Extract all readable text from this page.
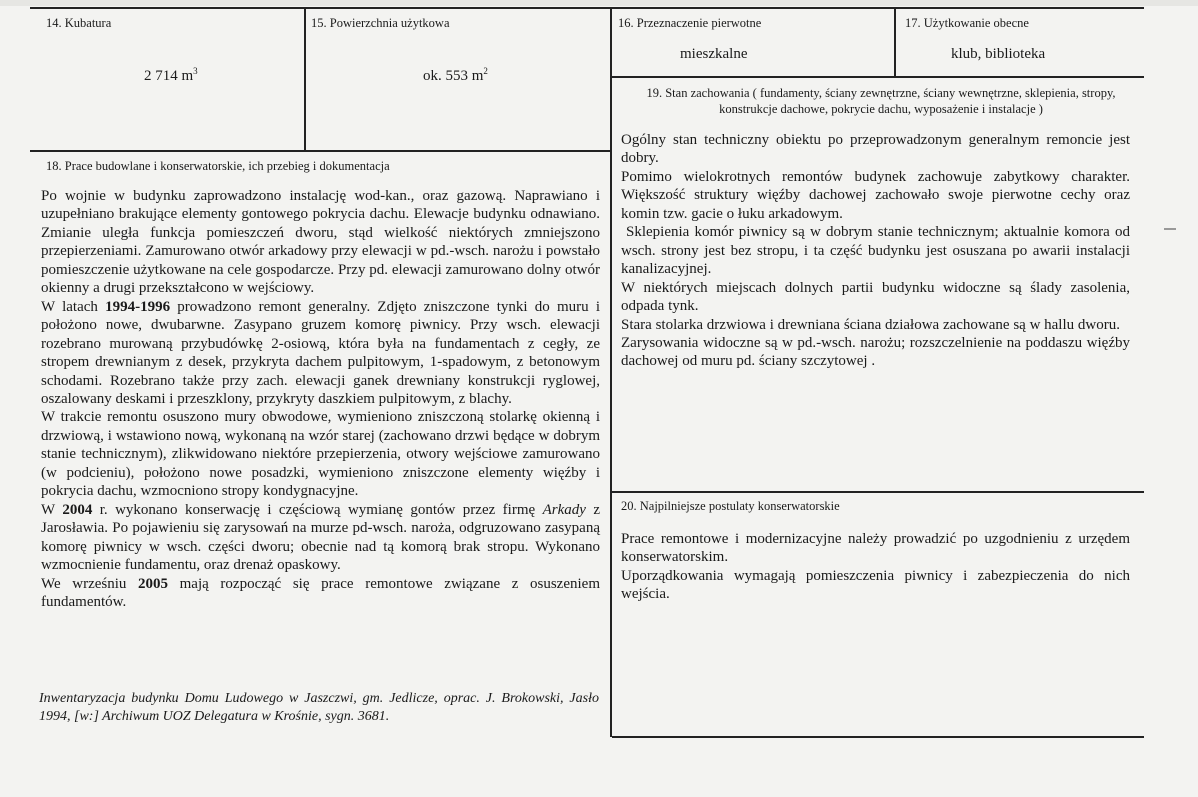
14. Kubatura
2 714 $m^3$
15. Powierzchnia użytkowa
ok. 553 $m^2$
16. Przeznaczenie pierwotne
mieszkalne
17. Użytkowanie obecne
klub, biblioteka
19. Stan zachowania ( fundamenty, ściany zewnętrzne, ściany wewnętrzne, sklepienia, stropy, konstrukcje dachowe, pokrycie dachu, wyposażenie i instalacje )

Ogólny stan techniczny obiektu po przeprowadzonym generalnym remoncie jest dobry.

Pomimo wielokrotnych remontów budynek zachowuje zabytkowy charakter. Większość struktury więźby dachowej zachowało swoje pierwotne cechy oraz komin tzw. gacie o łuku arkadowym.

Sklepienia komór piwnicy są w dobrym stanie technicznym; aktualnie komora od wsch. strony jest bez stropu, i ta część budynku jest osuszana po awarii instalacji kanalizacyjnej.

W niektórych miejscach dolnych partii budynku widoczne są ślady zasolenia, odpada tynk.

Stara stolarka drzwiowa i drewniana ściana działowa zachowane są w hallu dworu.

Zarysowania widoczne są w pd.-wsch. narożu; rozszczelnienie na poddaszu więźby dachowej od muru pd. ściany szczytowej .

18. Prace budowlane i konserwatorskie, ich przebieg i dokumentacja

Po wojnie w budynku zaprowadzono instalację wod-kan., oraz gazową. Naprawiano i uzupełniano brakujące elementy gontowego pokrycia dachu. Elewacje budynku odnawiano. Zmianie uległa funkcja pomieszczeń dworu, stąd wielkość niektórych zmniejszono przepierzeniami. Zamurowano otwór arkadowy przy elewacji w pd.-wsch. narożu i powstało pomieszczenie użytkowane na cele gospodarcze. Przy pd. elewacji zamurowano dolny otwór okienny a drugi przekształcono w wejściowy.

W latach 1994-1996 prowadzono remont generalny. Zdjęto zniszczone tynki do muru i położono nowe, dwubarwne. Zasypano gruzem komorę piwnicy. Przy wsch. elewacji rozebrano murowaną przybudówkę 2-osiową, która była na fundamentach z cegły, ze stropem drewnianym z desek, przykryta dachem pulpitowym, 1-spadowym, z betonowym schodami. Rozebrano także przy zach. elewacji ganek drewniany konstrukcji ryglowej, oszalowany deskami i przeszklony, przykryty daszkiem pulpitowym, z blachy.

W trakcie remontu osuszono mury obwodowe, wymieniono zniszczoną stolarkę okienną i drzwiową, i wstawiono nową, wykonaną na wzór starej (zachowano drzwi będące w dobrym stanie technicznym), zlikwidowano niektóre przepierzenia, otwory wejściowe zamurowano (w podcieniu), położono nowe posadzki, wymieniono zniszczone elementy więźby i pokrycia dachu, wzmocniono stropy kondygnacyjne.

W 2004 r. wykonano konserwację i częściową wymianę gontów przez firmę Arkady z Jarosławia. Po pojawieniu się zarysowań na murze pd-wsch. naroża, odgruzowano zasypaną komorę piwnicy w wsch. części dworu; obecnie nad tą komorą brak stropu. Wykonano wzmocnienie fundamentu, oraz drenaż opaskowy.

We wrześniu 2005 mają rozpocząć się prace remontowe związane z osuszeniem fundamentów.

Inwentaryzacja budynku Domu Ludowego w Jaszczwi, gm. Jedlicze, oprac. J. Brokowski, Jasło 1994, [w:] Archiwum UOZ Delegatura w Krośnie, sygn. 3681.
20. Najpilniejsze postulaty konserwatorskie

Prace remontowe i modernizacyjne należy prowadzić po uzgodnieniu z urzędem konserwatorskim.

Uporządkowania wymagają pomieszczenia piwnicy i zabezpieczenia do nich wejścia.
